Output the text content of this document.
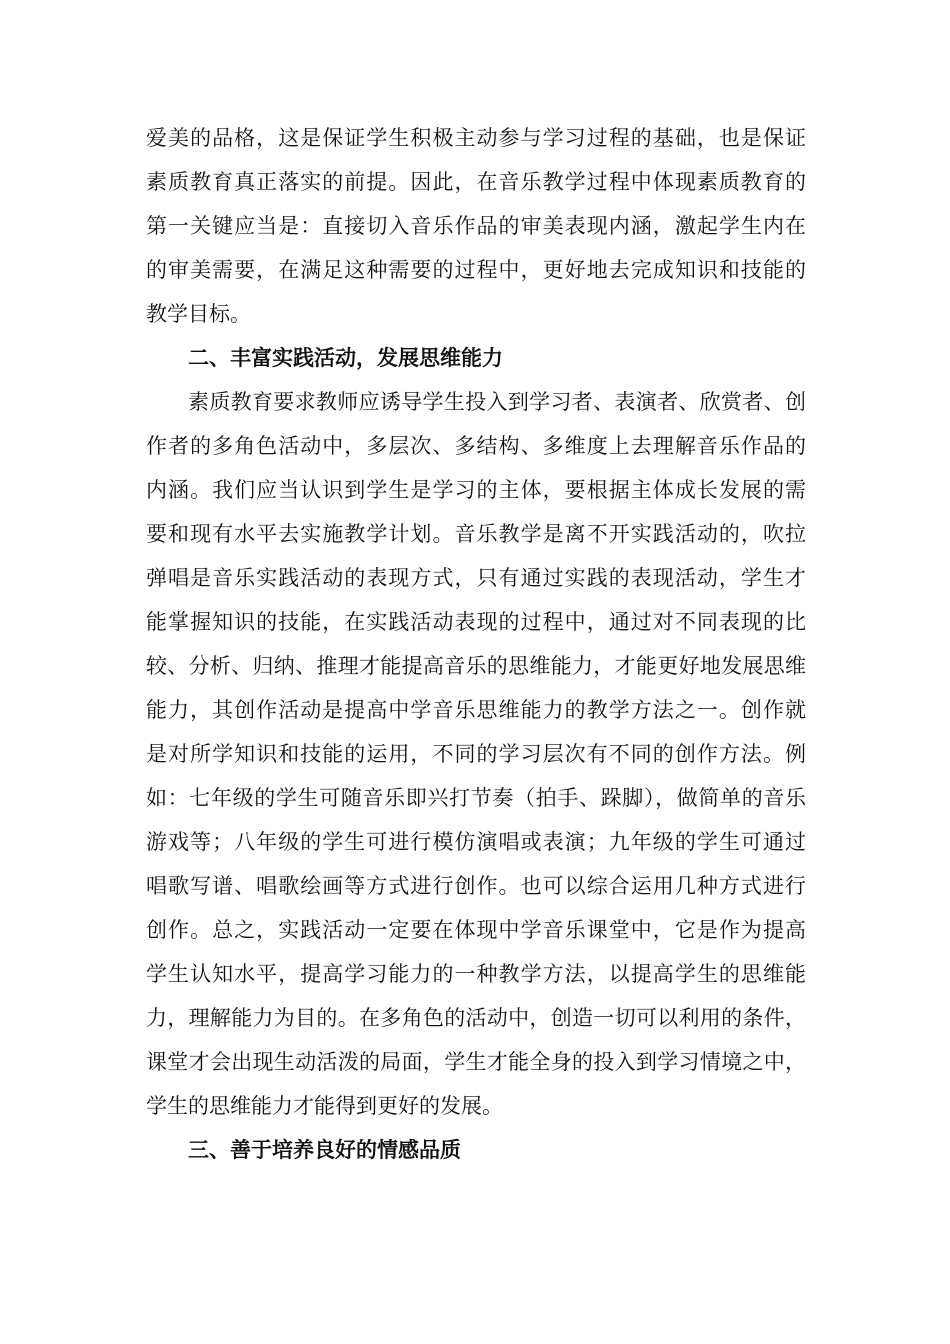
爱美的品格，这是保证学生积极主动参与学习过程的基础，也是保证
素质教育真正落实的前提。因此，在音乐教学过程中体现素质教育的
第一关键应当是：直接切入音乐作品的审美表现内涵，激起学生内在
的审美需要，在满足这种需要的过程中，更好地去完成知识和技能的
教学目标。
二、丰富实践活动，发展思维能力
素质教育要求教师应诱导学生投入到学习者、表演者、欣赏者、创
作者的多角色活动中，多层次、多结构、多维度上去理解音乐作品的
内涵。我们应当认识到学生是学习的主体，要根据主体成长发展的需
要和现有水平去实施教学计划。音乐教学是离不开实践活动的，吹拉
弹唱是音乐实践活动的表现方式，只有通过实践的表现活动，学生才
能掌握知识的技能，在实践活动表现的过程中，通过对不同表现的比
较、分析、归纳、推理才能提高音乐的思维能力，才能更好地发展思维
能力，其创作活动是提高中学音乐思维能力的教学方法之一。创作就
是对所学知识和技能的运用，不同的学习层次有不同的创作方法。例
如：七年级的学生可随音乐即兴打节奏（拍手、跺脚），做简单的音乐
游戏等；八年级的学生可进行模仿演唱或表演；九年级的学生可通过
唱歌写谱、唱歌绘画等方式进行创作。也可以综合运用几种方式进行
创作。总之，实践活动一定要在体现中学音乐课堂中，它是作为提高
学生认知水平，提高学习能力的一种教学方法，以提高学生的思维能
力，理解能力为目的。在多角色的活动中，创造一切可以利用的条件，
课堂才会出现生动活泼的局面，学生才能全身的投入到学习情境之中，
学生的思维能力才能得到更好的发展。
三、善于培养良好的情感品质
